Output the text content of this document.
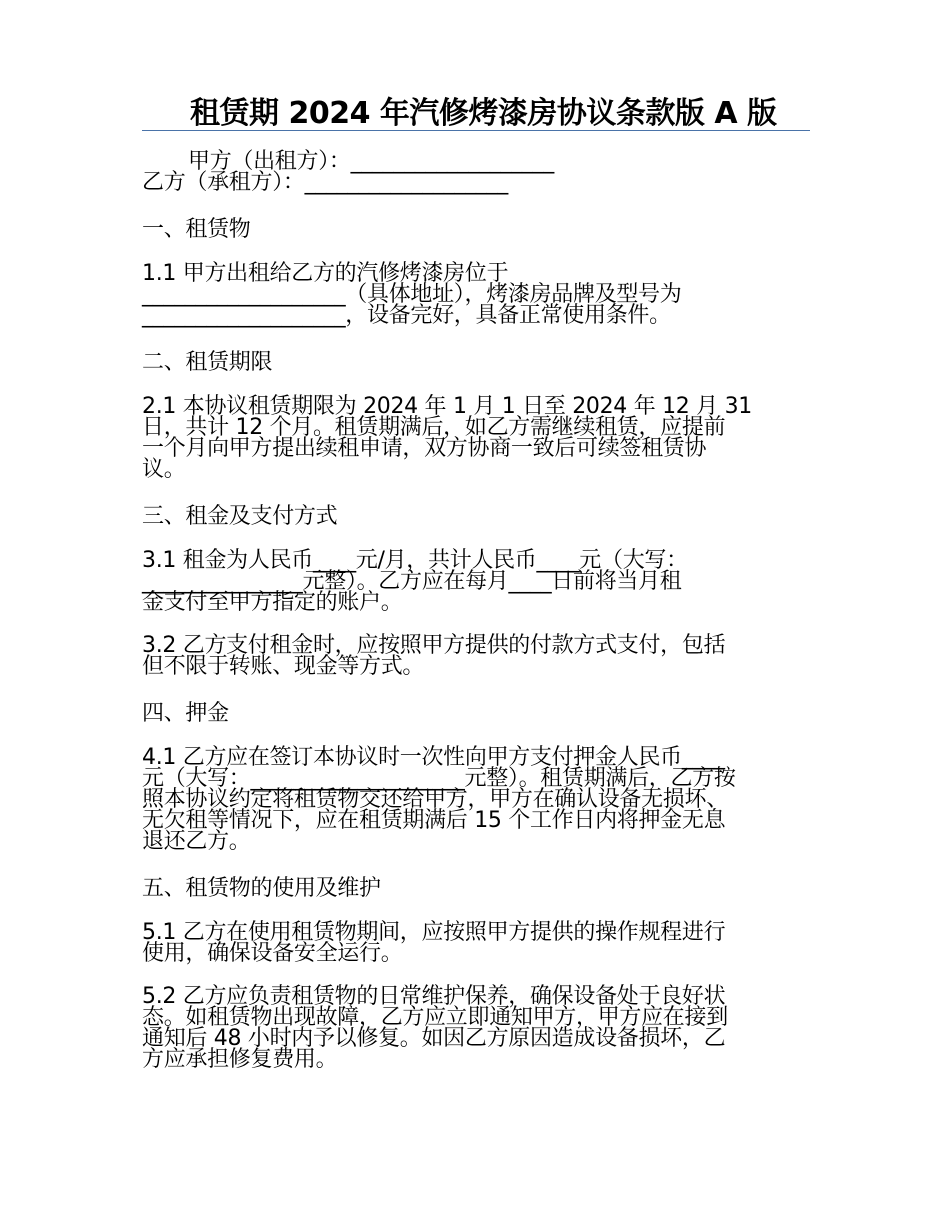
租赁期 2024 年汽修烤漆房协议条款版 A 版

甲方（出租方）：___________________

乙方（承租方）：___________________

一、租赁物

1.1 甲方出租给乙方的汽修烤漆房位于
___________________（具体地址），烤漆房品牌及型号为
___________________，设备完好，具备正常使用条件。

二、租赁期限

2.1 本协议租赁期限为 2024 年 1 月 1 日至 2024 年 12 月 31
日，共计 12 个月。租赁期满后，如乙方需继续租赁，应提前
一个月向甲方提出续租申请，双方协商一致后可续签租赁协
议。

三、租金及支付方式

3.1 租金为人民币____元/月，共计人民币____元（大写：
_______________元整）。乙方应在每月____日前将当月租
金支付至甲方指定的账户。

3.2 乙方支付租金时，应按照甲方提供的付款方式支付，包括
但不限于转账、现金等方式。

四、押金

4.1 乙方应在签订本协议时一次性向甲方支付押金人民币____
元（大写：____________________元整）。租赁期满后，乙方按
照本协议约定将租赁物交还给甲方，甲方在确认设备无损坏、
无欠租等情况下，应在租赁期满后 15 个工作日内将押金无息
退还乙方。

五、租赁物的使用及维护

5.1 乙方在使用租赁物期间，应按照甲方提供的操作规程进行
使用，确保设备安全运行。

5.2 乙方应负责租赁物的日常维护保养，确保设备处于良好状
态。如租赁物出现故障，乙方应立即通知甲方，甲方应在接到
通知后 48 小时内予以修复。如因乙方原因造成设备损坏，乙
方应承担修复费用。
